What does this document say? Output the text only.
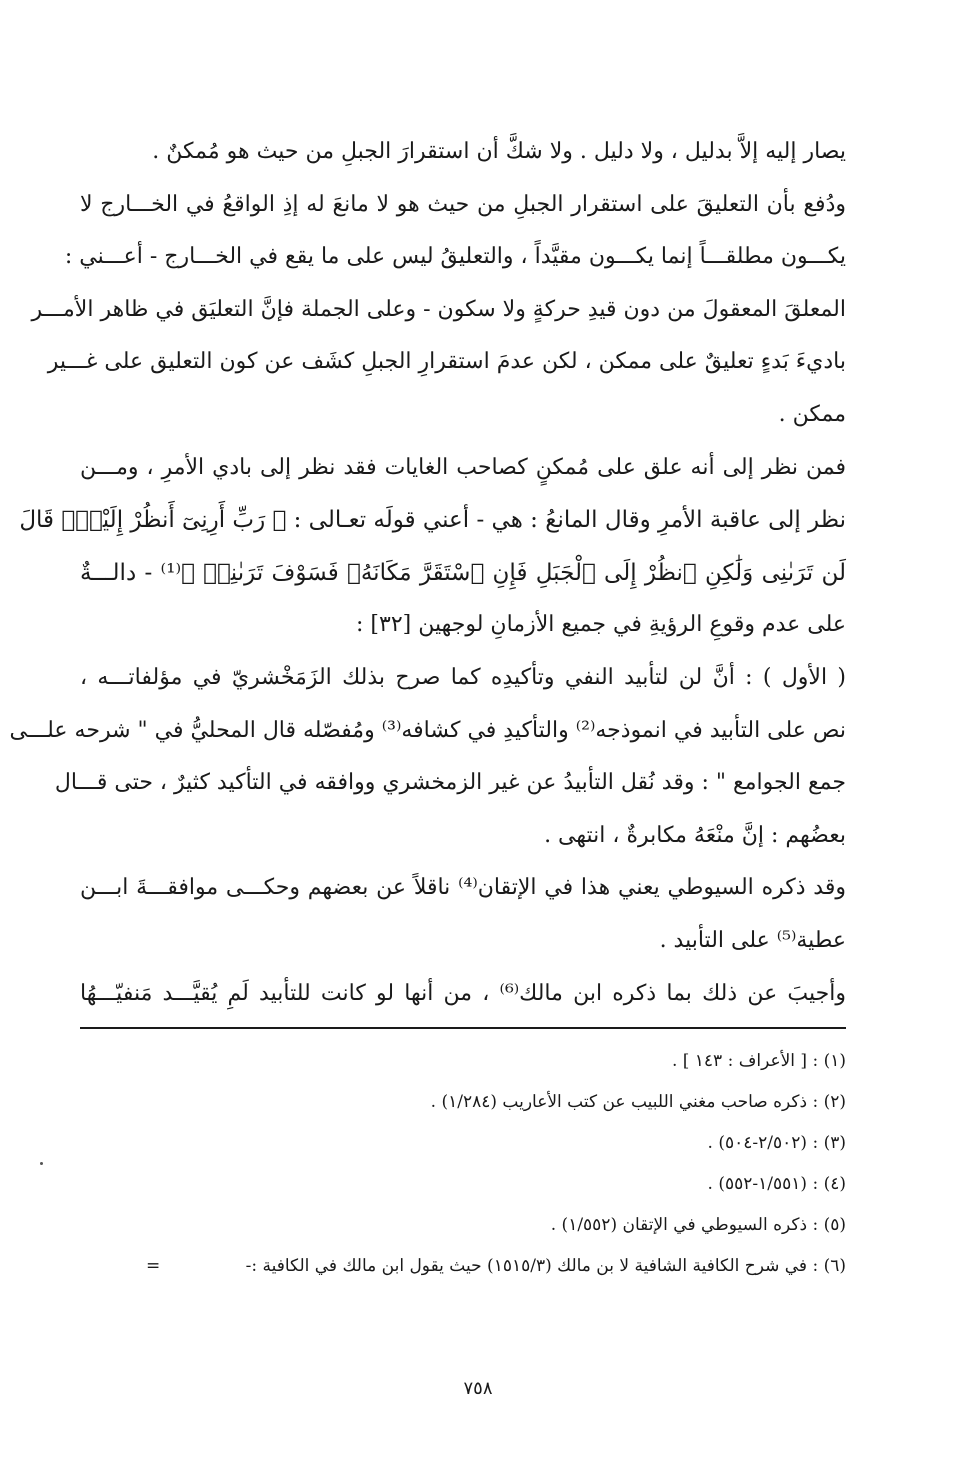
يصار إليه إلاَّ بدليل ، ولا دليل . ولا شكَّ أن استقرارَ الجبلِ من حيث هو مُمكنٌ .
ودُفع بأن التعليقَ على استقرار الجبلِ من حيث هو لا مانعَ له إذِ الواقعُ في الخـــارج لا
يكـــون مطلقـــاً إنما يكـــون مقيَّداً ، والتعليقُ ليس على ما يقع في الخـــارج - أعـــني :
المعلقَ المعقولَ من دون قيدِ حركةٍ ولا سكون - وعلى الجملة فإنَّ التعليَق في ظاهر الأمـــر
باديءَ بَدءٍ تعليقٌ على ممكن ، لكن عدمَ استقرارِ الجبلِ كشَف عن كون التعليق على غـــير
ممكن .
فمن نظر إلى أنه علق على مُمكنٍ كصاحب الغايات فقد نظر إلى بادي الأمرِ ، ومـــن
نظر إلى عاقبة الأمرِ وقال المانعُ : هي - أعني قولَه تعـالى : ﴿ رَبِّ أَرِنِىٓ أَنظُرْ إِلَيْكَۚ قَالَ
لَن تَرَىٰنِى وَلَٰكِنِ ٱنظُرْ إِلَى ٱلْجَبَلِ فَإِنِ ٱسْتَقَرَّ مَكَانَهُۥ فَسَوْفَ تَرَىٰنِىۚ ﴾⁽¹⁾ - دالـــةٌ
على عدم وقوعِ الرؤيةِ في جميع الأزمانِ لوجهين [٣٢] :
( الأول ) : أنَّ لن لتأبيد النفي وتأكيدِه كما صرح بذلك الزَمَخْشريّ في مؤلفاتـــه ،
نص على التأبيد في انموذجه⁽²⁾ والتأكيدِ في كشافه⁽³⁾ ومُفصّله قال المحليُّ في " شرحه علـــى
جمع الجوامع " : وقد نُقل التأبيدُ عن غير الزمخشري ووافقه في التأكيد كثيرٌ ، حتى قـــال
بعضُهم : إنَّ منْعَهُ مكابرةٌ ، انتهى .
وقد ذكره السيوطي يعني هذا في الإتقان⁽⁴⁾ ناقلاً عن بعضهم وحكـــى موافقـــةَ ابـــن
عطية⁽⁵⁾ على التأبيد .
وأجيبَ عن ذلك بما ذكره ابن مالك⁽⁶⁾ ، من أنها لو كانت للتأبيد لَمِ يُقيَّـــد مَنفيّـــهُا
(١) : [ الأعراف : ١٤٣ ] .
(٢) : ذكره صاحب مغني اللبيب عن كتب الأعاريب (١/٢٨٤) .
(٣) : (٢/٥٠٢-٥٠٤) .
(٤) : (١/٥٥١-٥٥٢) .
(٥) : ذكره السيوطي في الإتقان (١/٥٥٢) .
(٦) : في شرح الكافية الشافية لا بن مالك (١٥١٥/٣) حيث يقول ابن مالك في الكافية :-
=
٧٥٨
